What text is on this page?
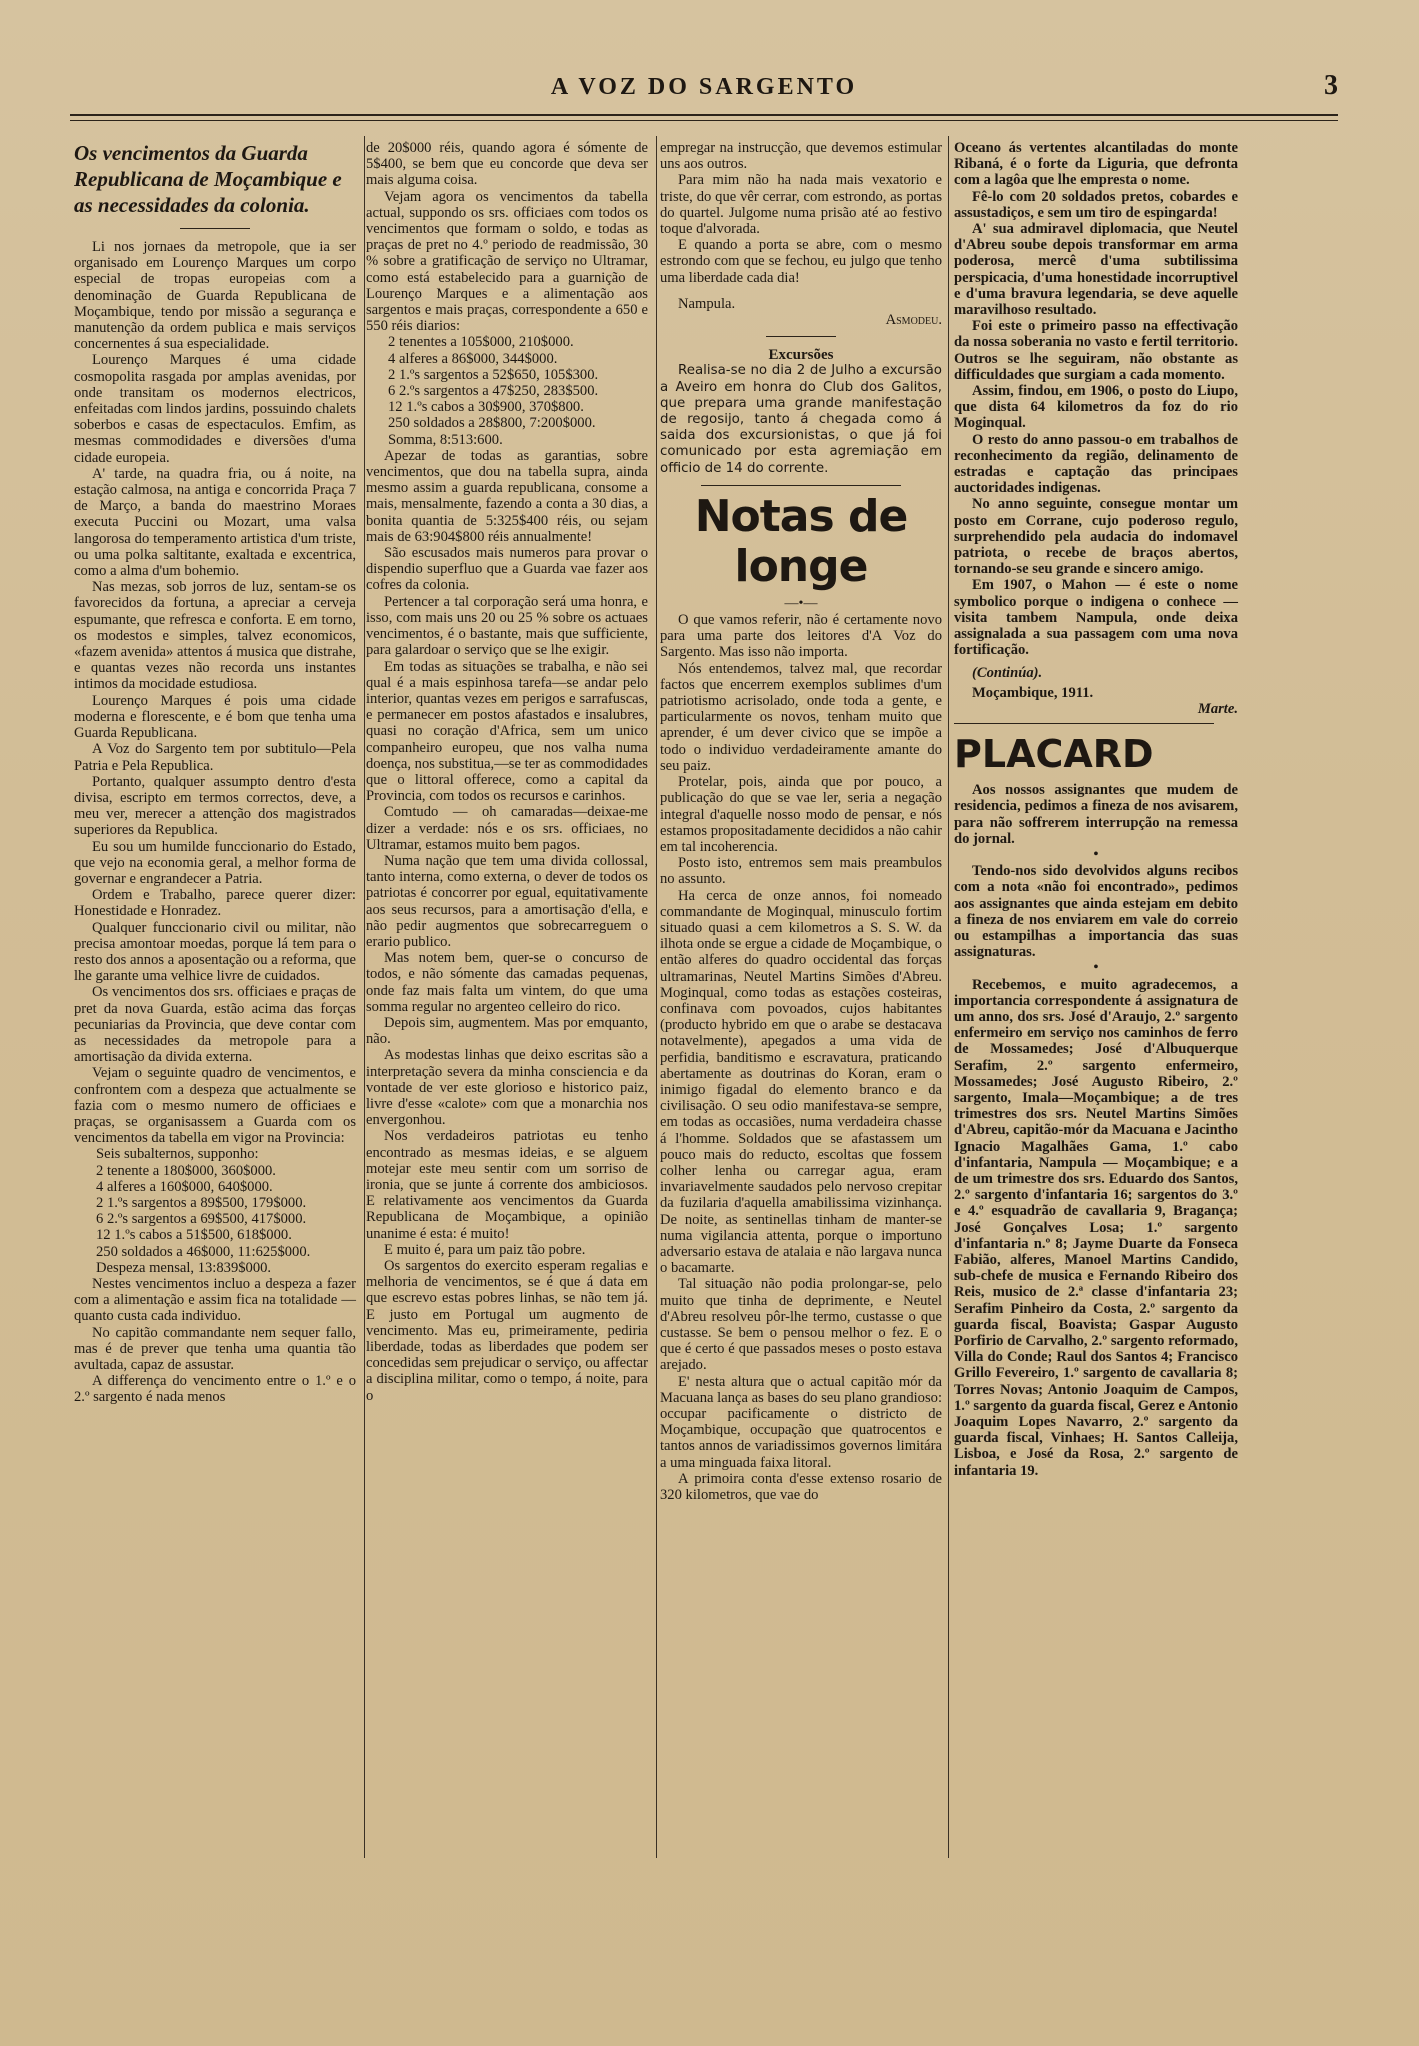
A VOZ DO SARGENTO	3
Os vencimentos da Guarda Republicana de Moçambique e as necessidades da colonia.

Li nos jornaes da metropole, que ia ser organisado em Lourenço Marques um corpo especial de tropas europeias com a denominação de Guarda Republicana de Moçambique, tendo por missão a segurança e manutenção da ordem publica e mais serviços concernentes á sua especialidade.

Lourenço Marques é uma cidade cosmopolita rasgada por amplas avenidas, por onde transitam os modernos electricos, enfeitadas com lindos jardins, possuindo chalets soberbos e casas de espectaculos. Emfim, as mesmas commodidades e diversões d'uma cidade europeia.

A' tarde, na quadra fria, ou á noite, na estação calmosa, na antiga e concorrida Praça 7 de Março, a banda do maestrino Moraes executa Puccini ou Mozart, uma valsa langorosa do temperamento artistica d'um triste, ou uma polka saltitante, exaltada e excentrica, como a alma d'um bohemio.

Nas mezas, sob jorros de luz, sentam-se os favorecidos da fortuna, a apreciar a cerveja espumante, que refresca e conforta. E em torno, os modestos e simples, talvez economicos, «fazem avenida» attentos á musica que distrahe, e quantas vezes não recorda uns instantes intimos da mocidade estudiosa.

Lourenço Marques é pois uma cidade moderna e florescente, e é bom que tenha uma Guarda Republicana.

A Voz do Sargento tem por subtitulo—Pela Patria e Pela Republica.

Portanto, qualquer assumpto dentro d'esta divisa, escripto em termos correctos, deve, a meu ver, merecer a attenção dos magistrados superiores da Republica.

Eu sou um humilde funccionario do Estado, que vejo na economia geral, a melhor forma de governar e engrandecer a Patria.

Ordem e Trabalho, parece querer dizer: Honestidade e Honradez.

Qualquer funccionario civil ou militar, não precisa amontoar moedas, porque lá tem para o resto dos annos a aposentação ou a reforma, que lhe garante uma velhice livre de cuidados.

Os vencimentos dos srs. officiaes e praças de pret da nova Guarda, estão acima das forças pecuniarias da Provincia, que deve contar com as necessidades da metropole para a amortisação da divida externa.

Vejam o seguinte quadro de vencimentos, e confrontem com a despeza que actualmente se fazia com o mesmo numero de officiaes e praças, se organisassem a Guarda com os vencimentos da tabella em vigor na Provincia:

Seis subalternos, supponho:
2 tenente a 180$000, 360$000.
4 alferes a 160$000, 640$000.
2 1.ºs sargentos a 89$500, 179$000.
6 2.ºs sargentos a 69$500, 417$000.
12 1.ºs cabos a 51$500, 618$000.
250 soldados a 46$000, 11:625$000.
Despeza mensal, 13:839$000.

Nestes vencimentos incluo a despeza a fazer com a alimentação e assim fica na totalidade — quanto custa cada individuo.

No capitão commandante nem sequer fallo, mas é de prever que tenha uma quantia tão avultada, capaz de assustar.

A differença do vencimento entre o 1.º e o 2.º sargento é nada menos

de 20$000 réis, quando agora é sómente de 5$400, se bem que eu concorde que deva ser mais alguma coisa.

Vejam agora os vencimentos da tabella actual, suppondo os srs. officiaes com todos os vencimentos que formam o soldo, e todas as praças de pret no 4.º periodo de readmissão, 30 % sobre a gratificação de serviço no Ultramar, como está estabelecido para a guarnição de Lourenço Marques e a alimentação aos sargentos e mais praças, correspondente a 650 e 550 réis diarios:

2 tenentes a 105$000, 210$000.
4 alferes a 86$000, 344$000.
2 1.ºs sargentos a 52$650, 105$300.
6 2.ºs sargentos a 47$250, 283$500.
12 1.ºs cabos a 30$900, 370$800.
250 soldados a 28$800, 7:200$000.
Somma, 8:513:600.

Apezar de todas as garantias, sobre vencimentos, que dou na tabella supra, ainda mesmo assim a guarda republicana, consome a mais, mensalmente, fazendo a conta a 30 dias, a bonita quantia de 5:325$400 réis, ou sejam mais de 63:904$800 réis annualmente!

São escusados mais numeros para provar o dispendio superfluo que a Guarda vae fazer aos cofres da colonia.

Pertencer a tal corporação será uma honra, e isso, com mais uns 20 ou 25 % sobre os actuaes vencimentos, é o bastante, mais que sufficiente, para galardoar o serviço que se lhe exigir.

Em todas as situações se trabalha, e não sei qual é a mais espinhosa tarefa—se andar pelo interior, quantas vezes em perigos e sarrafuscas, e permanecer em postos afastados e insalubres, quasi no coração d'Africa, sem um unico companheiro europeu, que nos valha numa doença, nos substitua,—se ter as commodidades que o littoral offerece, como a capital da Provincia, com todos os recursos e carinhos.

Comtudo — oh camaradas—deixae-me dizer a verdade: nós e os srs. officiaes, no Ultramar, estamos muito bem pagos.

Numa nação que tem uma divida collossal, tanto interna, como externa, o dever de todos os patriotas é concorrer por egual, equitativamente aos seus recursos, para a amortisação d'ella, e não pedir augmentos que sobrecarreguem o erario publico.

Mas notem bem, quer-se o concurso de todos, e não sómente das camadas pequenas, onde faz mais falta um vintem, do que uma somma regular no argenteo celleiro do rico.

Depois sim, augmentem. Mas por emquanto, não.

As modestas linhas que deixo escritas são a interpretação severa da minha consciencia e da vontade de ver este glorioso e historico paiz, livre d'esse «calote» com que a monarchia nos envergonhou.

Nos verdadeiros patriotas eu tenho encontrado as mesmas ideias, e se alguem motejar este meu sentir com um sorriso de ironia, que se junte á corrente dos ambiciosos. E relativamente aos vencimentos da Guarda Republicana de Moçambique, a opinião unanime é esta: é muito!

E muito é, para um paiz tão pobre.

Os sargentos do exercito esperam regalias e melhoria de vencimentos, se é que á data em que escrevo estas pobres linhas, se não tem já. E justo em Portugal um augmento de vencimento. Mas eu, primeiramente, pediria liberdade, todas as liberdades que podem ser concedidas sem prejudicar o serviço, ou affectar a disciplina militar, como o tempo, á noite, para o

empregar na instrucção, que devemos estimular uns aos outros.

Para mim não ha nada mais vexatorio e triste, do que vêr cerrar, com estrondo, as portas do quartel. Julgome numa prisão até ao festivo toque d'alvorada.

E quando a porta se abre, com o mesmo estrondo com que se fechou, eu julgo que tenho uma liberdade cada dia!

Nampula.

Asmodeu.

Excursões

Realisa-se no dia 2 de Julho a excursão a Aveiro em honra do Club dos Galitos, que prepara uma grande manifestação de regosijo, tanto á chegada como á saida dos excursionistas, o que já foi comunicado por esta agremiação em officio de 14 do corrente.

Notas de longe

—•—

O que vamos referir, não é certamente novo para uma parte dos leitores d'A Voz do Sargento. Mas isso não importa.

Nós entendemos, talvez mal, que recordar factos que encerrem exemplos sublimes d'um patriotismo acrisolado, onde toda a gente, e particularmente os novos, tenham muito que aprender, é um dever civico que se impõe a todo o individuo verdadeiramente amante do seu paiz.

Protelar, pois, ainda que por pouco, a publicação do que se vae ler, seria a negação integral d'aquelle nosso modo de pensar, e nós estamos propositadamente decididos a não cahir em tal incoherencia.

Posto isto, entremos sem mais preambulos no assunto.

Ha cerca de onze annos, foi nomeado commandante de Moginqual, minusculo fortim situado quasi a cem kilometros a S. S. W. da ilhota onde se ergue a cidade de Moçambique, o então alferes do quadro occidental das forças ultramarinas, Neutel Martins Simões d'Abreu. Moginqual, como todas as estações costeiras, confinava com povoados, cujos habitantes (producto hybrido em que o arabe se destacava notavelmente), apegados a uma vida de perfidia, banditismo e escravatura, praticando abertamente as doutrinas do Koran, eram o inimigo figadal do elemento branco e da civilisação. O seu odio manifestava-se sempre, em todas as occasiões, numa verdadeira chasse á l'homme. Soldados que se afastassem um pouco mais do reducto, escoltas que fossem colher lenha ou carregar agua, eram invariavelmente saudados pelo nervoso crepitar da fuzilaria d'aquella amabilissima vizinhança. De noite, as sentinellas tinham de manter-se numa vigilancia attenta, porque o importuno adversario estava de atalaia e não largava nunca o bacamarte.

Tal situação não podia prolongar-se, pelo muito que tinha de deprimente, e Neutel d'Abreu resolveu pôr-lhe termo, custasse o que custasse. Se bem o pensou melhor o fez. E o que é certo é que passados meses o posto estava arejado.

E' nesta altura que o actual capitão mór da Macuana lança as bases do seu plano grandioso: occupar pacificamente o districto de Moçambique, occupação que quatrocentos e tantos annos de variadissimos governos limitára a uma minguada faixa litoral.

A primoira conta d'esse extenso rosario de 320 kilometros, que vae do

Oceano ás vertentes alcantiladas do monte Ribaná, é o forte da Liguria, que defronta com a lagôa que lhe empresta o nome.

Fê-lo com 20 soldados pretos, cobardes e assustadiços, e sem um tiro de espingarda!

A' sua admiravel diplomacia, que Neutel d'Abreu soube depois transformar em arma poderosa, mercê d'uma subtilissima perspicacia, d'uma honestidade incorruptivel e d'uma bravura legendaria, se deve aquelle maravilhoso resultado.

Foi este o primeiro passo na effectivação da nossa soberania no vasto e fertil territorio. Outros se lhe seguiram, não obstante as difficuldades que surgiam a cada momento.

Assim, findou, em 1906, o posto do Liupo, que dista 64 kilometros da foz do rio Moginqual.

O resto do anno passou-o em trabalhos de reconhecimento da região, delinamento de estradas e captação das principaes auctoridades indigenas.

No anno seguinte, consegue montar um posto em Corrane, cujo poderoso regulo, surprehendido pela audacia do indomavel patriota, o recebe de braços abertos, tornando-se seu grande e sincero amigo.

Em 1907, o Mahon — é este o nome symbolico porque o indigena o conhece — visita tambem Nampula, onde deixa assignalada a sua passagem com uma nova fortificação.

(Continúa).

Moçambique, 1911.

Marte.

PLACARD

Aos nossos assignantes que mudem de residencia, pedimos a fineza de nos avisarem, para não soffrerem interrupção na remessa do jornal.

•

Tendo-nos sido devolvidos alguns recibos com a nota «não foi encontrado», pedimos aos assignantes que ainda estejam em debito a fineza de nos enviarem em vale do correio ou estampilhas a importancia das suas assignaturas.

•

Recebemos, e muito agradecemos, a importancia correspondente á assignatura de um anno, dos srs. José d'Araujo, 2.º sargento enfermeiro em serviço nos caminhos de ferro de Mossamedes; José d'Albuquerque Serafim, 2.º sargento enfermeiro, Mossamedes; José Augusto Ribeiro, 2.º sargento, Imala—Moçambique; a de tres trimestres dos srs. Neutel Martins Simões d'Abreu, capitão-mór da Macuana e Jacintho Ignacio Magalhães Gama, 1.º cabo d'infantaria, Nampula — Moçambique; e a de um trimestre dos srs. Eduardo dos Santos, 2.º sargento d'infantaria 16; sargentos do 3.º e 4.º esquadrão de cavallaria 9, Bragança; José Gonçalves Losa; 1.º sargento d'infantaria n.º 8; Jayme Duarte da Fonseca Fabião, alferes, Manoel Martins Candido, sub-chefe de musica e Fernando Ribeiro dos Reis, musico de 2.ª classe d'infantaria 23; Serafim Pinheiro da Costa, 2.º sargento da guarda fiscal, Boavista; Gaspar Augusto Porfirio de Carvalho, 2.º sargento reformado, Villa do Conde; Raul dos Santos 4; Francisco Grillo Fevereiro, 1.º sargento de cavallaria 8; Torres Novas; Antonio Joaquim de Campos, 1.º sargento da guarda fiscal, Gerez e Antonio Joaquim Lopes Navarro, 2.º sargento da guarda fiscal, Vinhaes; H. Santos Calleija, Lisboa, e José da Rosa, 2.º sargento de infantaria 19.
